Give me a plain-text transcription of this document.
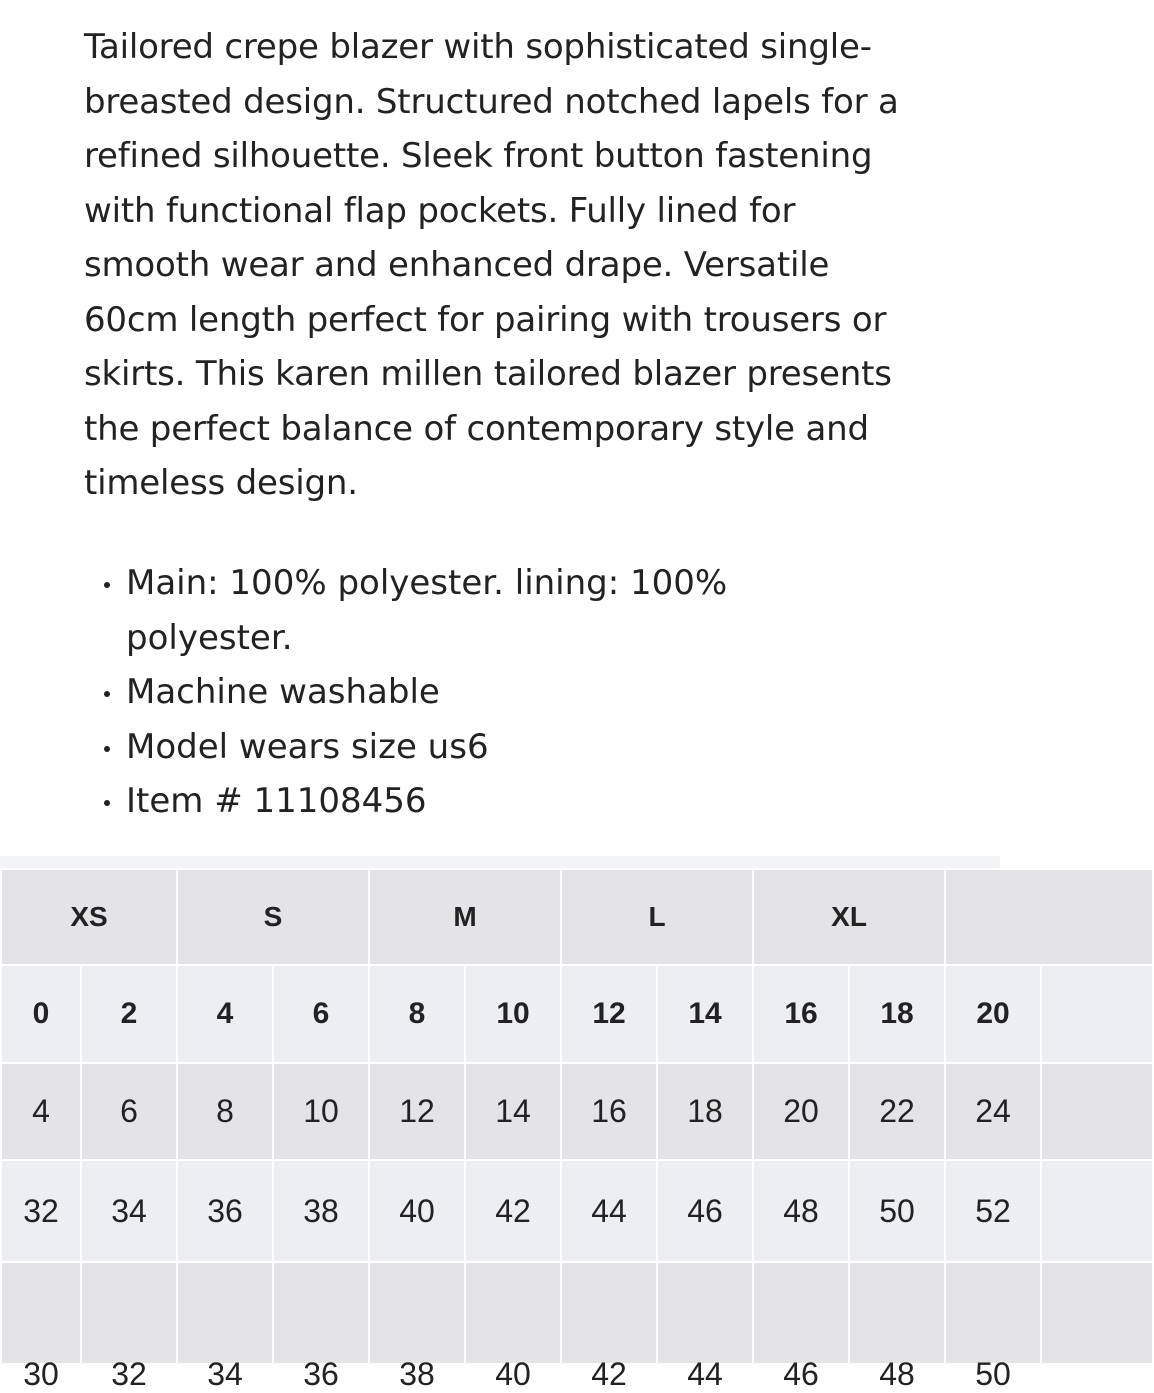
Tailored crepe blazer with sophisticated single-breasted design. Structured notched lapels for a refined silhouette. Sleek front button fastening with functional flap pockets. Fully lined for smooth wear and enhanced drape. Versatile 60cm length perfect for pairing with trousers or skirts. This karen millen tailored blazer presents the perfect balance of contemporary style and timeless design.

Main: 100% polyester. lining: 100% polyester.
Machine washable
Model wears size us6
Item # 11108456
XS		S		M		L		XL			
0	2	4	6	8	10	12	14	16	18	20	
4	6	8	10	12	14	16	18	20	22	24	
32	34	36	38	40	42	44	46	48	50	52	
30	32	34	36	38	40	42	44	46	48	50	
